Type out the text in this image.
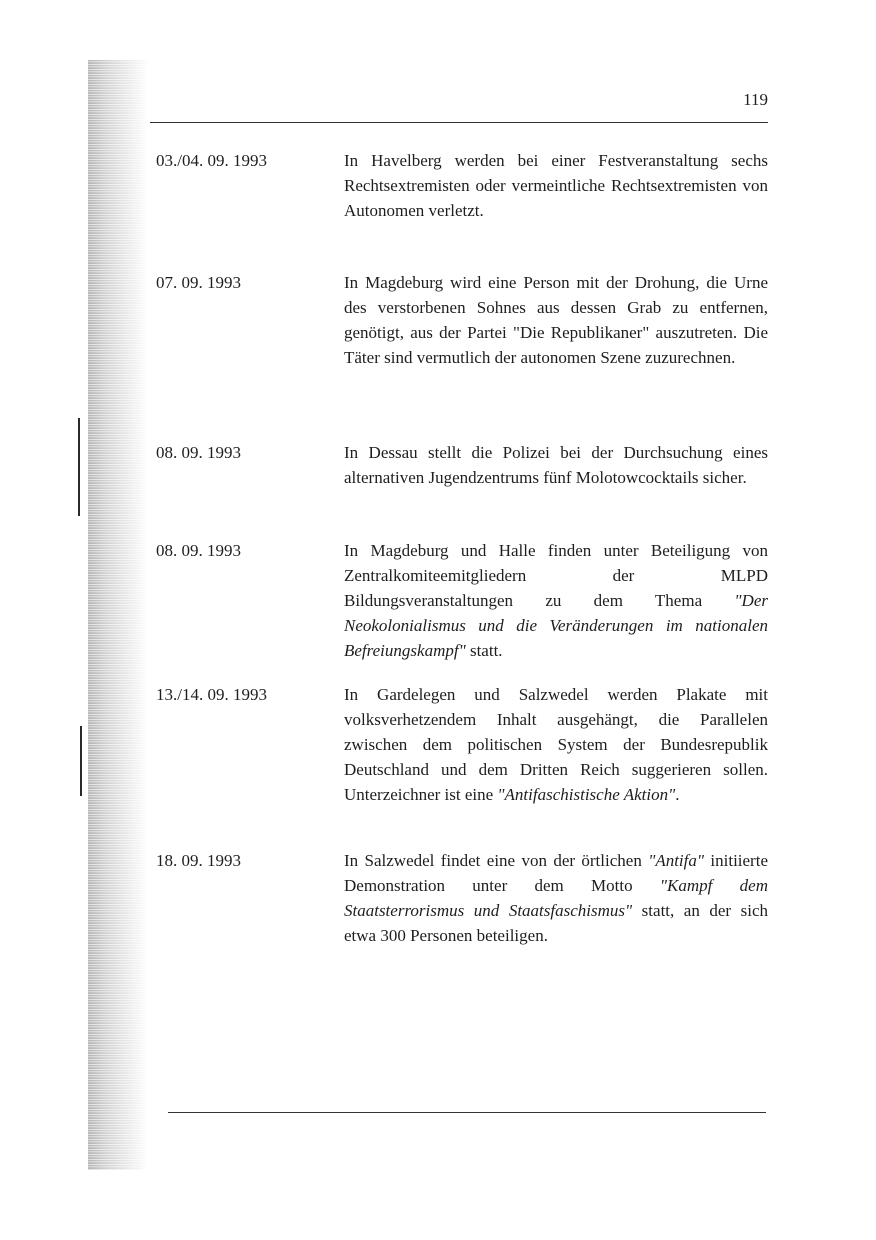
119
03./04. 09. 1993	In Havelberg werden bei einer Festveranstaltung sechs Rechtsextremisten oder vermeintliche Rechtsextremisten von Autonomen verletzt.
07. 09. 1993	In Magdeburg wird eine Person mit der Drohung, die Urne des verstorbenen Sohnes aus dessen Grab zu entfernen, genötigt, aus der Partei "Die Republikaner" auszutreten. Die Täter sind vermutlich der autonomen Szene zuzurechnen.
08. 09. 1993	In Dessau stellt die Polizei bei der Durchsuchung eines alternativen Jugendzentrums fünf Molotowcocktails sicher.
08. 09. 1993	In Magdeburg und Halle finden unter Beteiligung von Zentralkomiteemitgliedern der MLPD Bildungsveranstaltungen zu dem Thema "Der Neokolonialismus und die Veränderungen im nationalen Befreiungskampf" statt.
13./14. 09. 1993	In Gardelegen und Salzwedel werden Plakate mit volksverhetzendem Inhalt ausgehängt, die Parallelen zwischen dem politischen System der Bundesrepublik Deutschland und dem Dritten Reich suggerieren sollen. Unterzeichner ist eine "Antifaschistische Aktion".
18. 09. 1993	In Salzwedel findet eine von der örtlichen "Antifa" initiierte Demonstration unter dem Motto "Kampf dem Staatsterrorismus und Staatsfaschismus" statt, an der sich etwa 300 Personen beteiligen.
